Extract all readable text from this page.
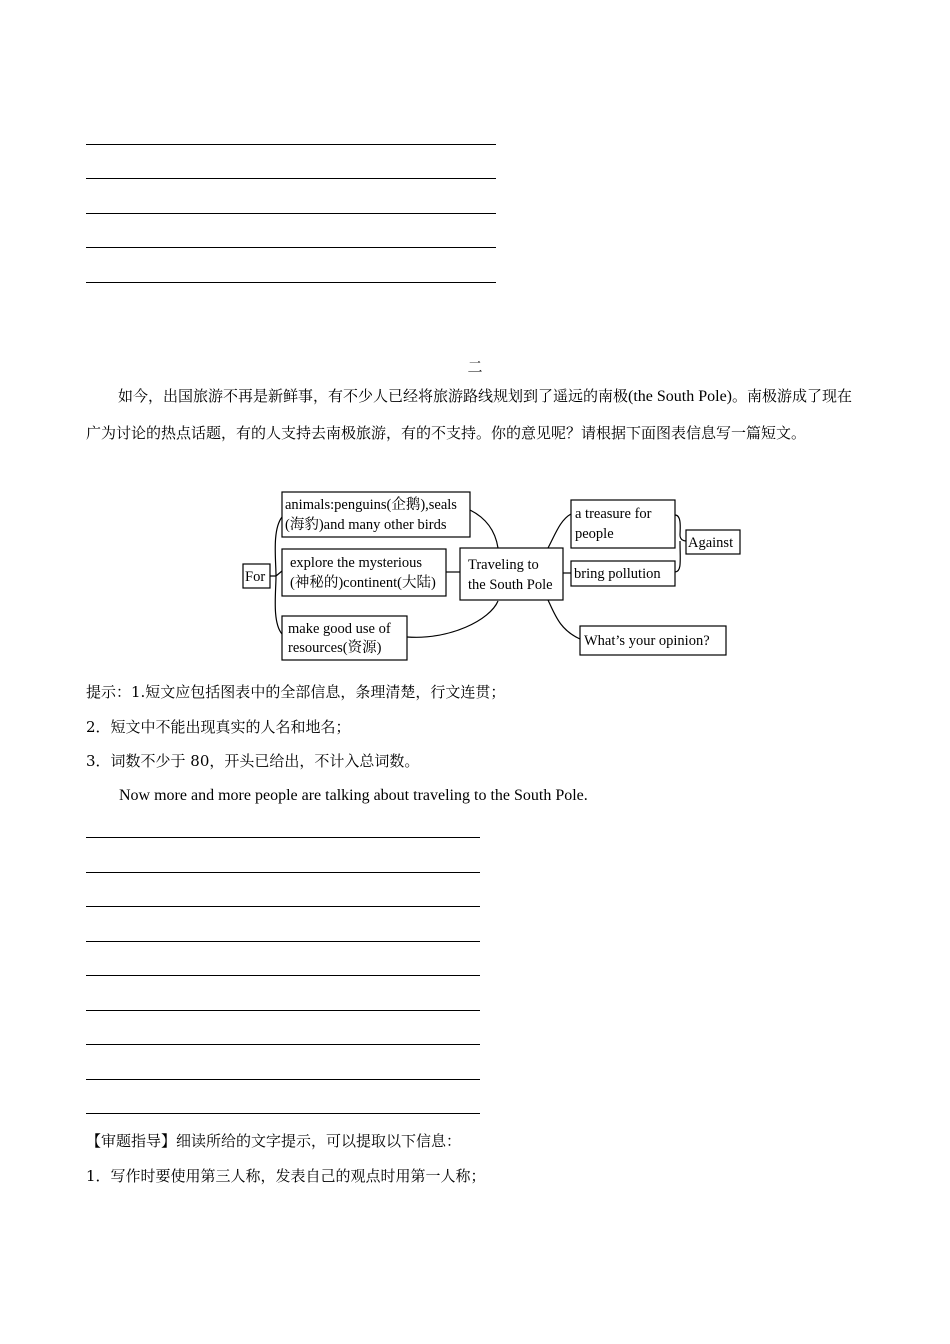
二
如今，出国旅游不再是新鲜事，有不少人已经将旅游路线规划到了遥远的南极(the South Pole)。南极游成了现在广为讨论的热点话题，有的人支持去南极旅游，有的不支持。你的意见呢？请根据下面图表信息写一篇短文。
For
animals:penguins(企鹅),seals
(海豹)and many other birds
explore the mysterious
(神秘的)continent(大陆)
make good use of
resources(资源)
Traveling to
the South Pole
a treasure for
people
bring pollution
Against
What’s your opinion?
提示：1.短文应包括图表中的全部信息，条理清楚，行文连贯；
2．短文中不能出现真实的人名和地名；
3．词数不少于 80，开头已给出，不计入总词数。
Now more and more people are talking about traveling to the South Pole.
【审题指导】细读所给的文字提示，可以提取以下信息：
1．写作时要使用第三人称，发表自己的观点时用第一人称；
